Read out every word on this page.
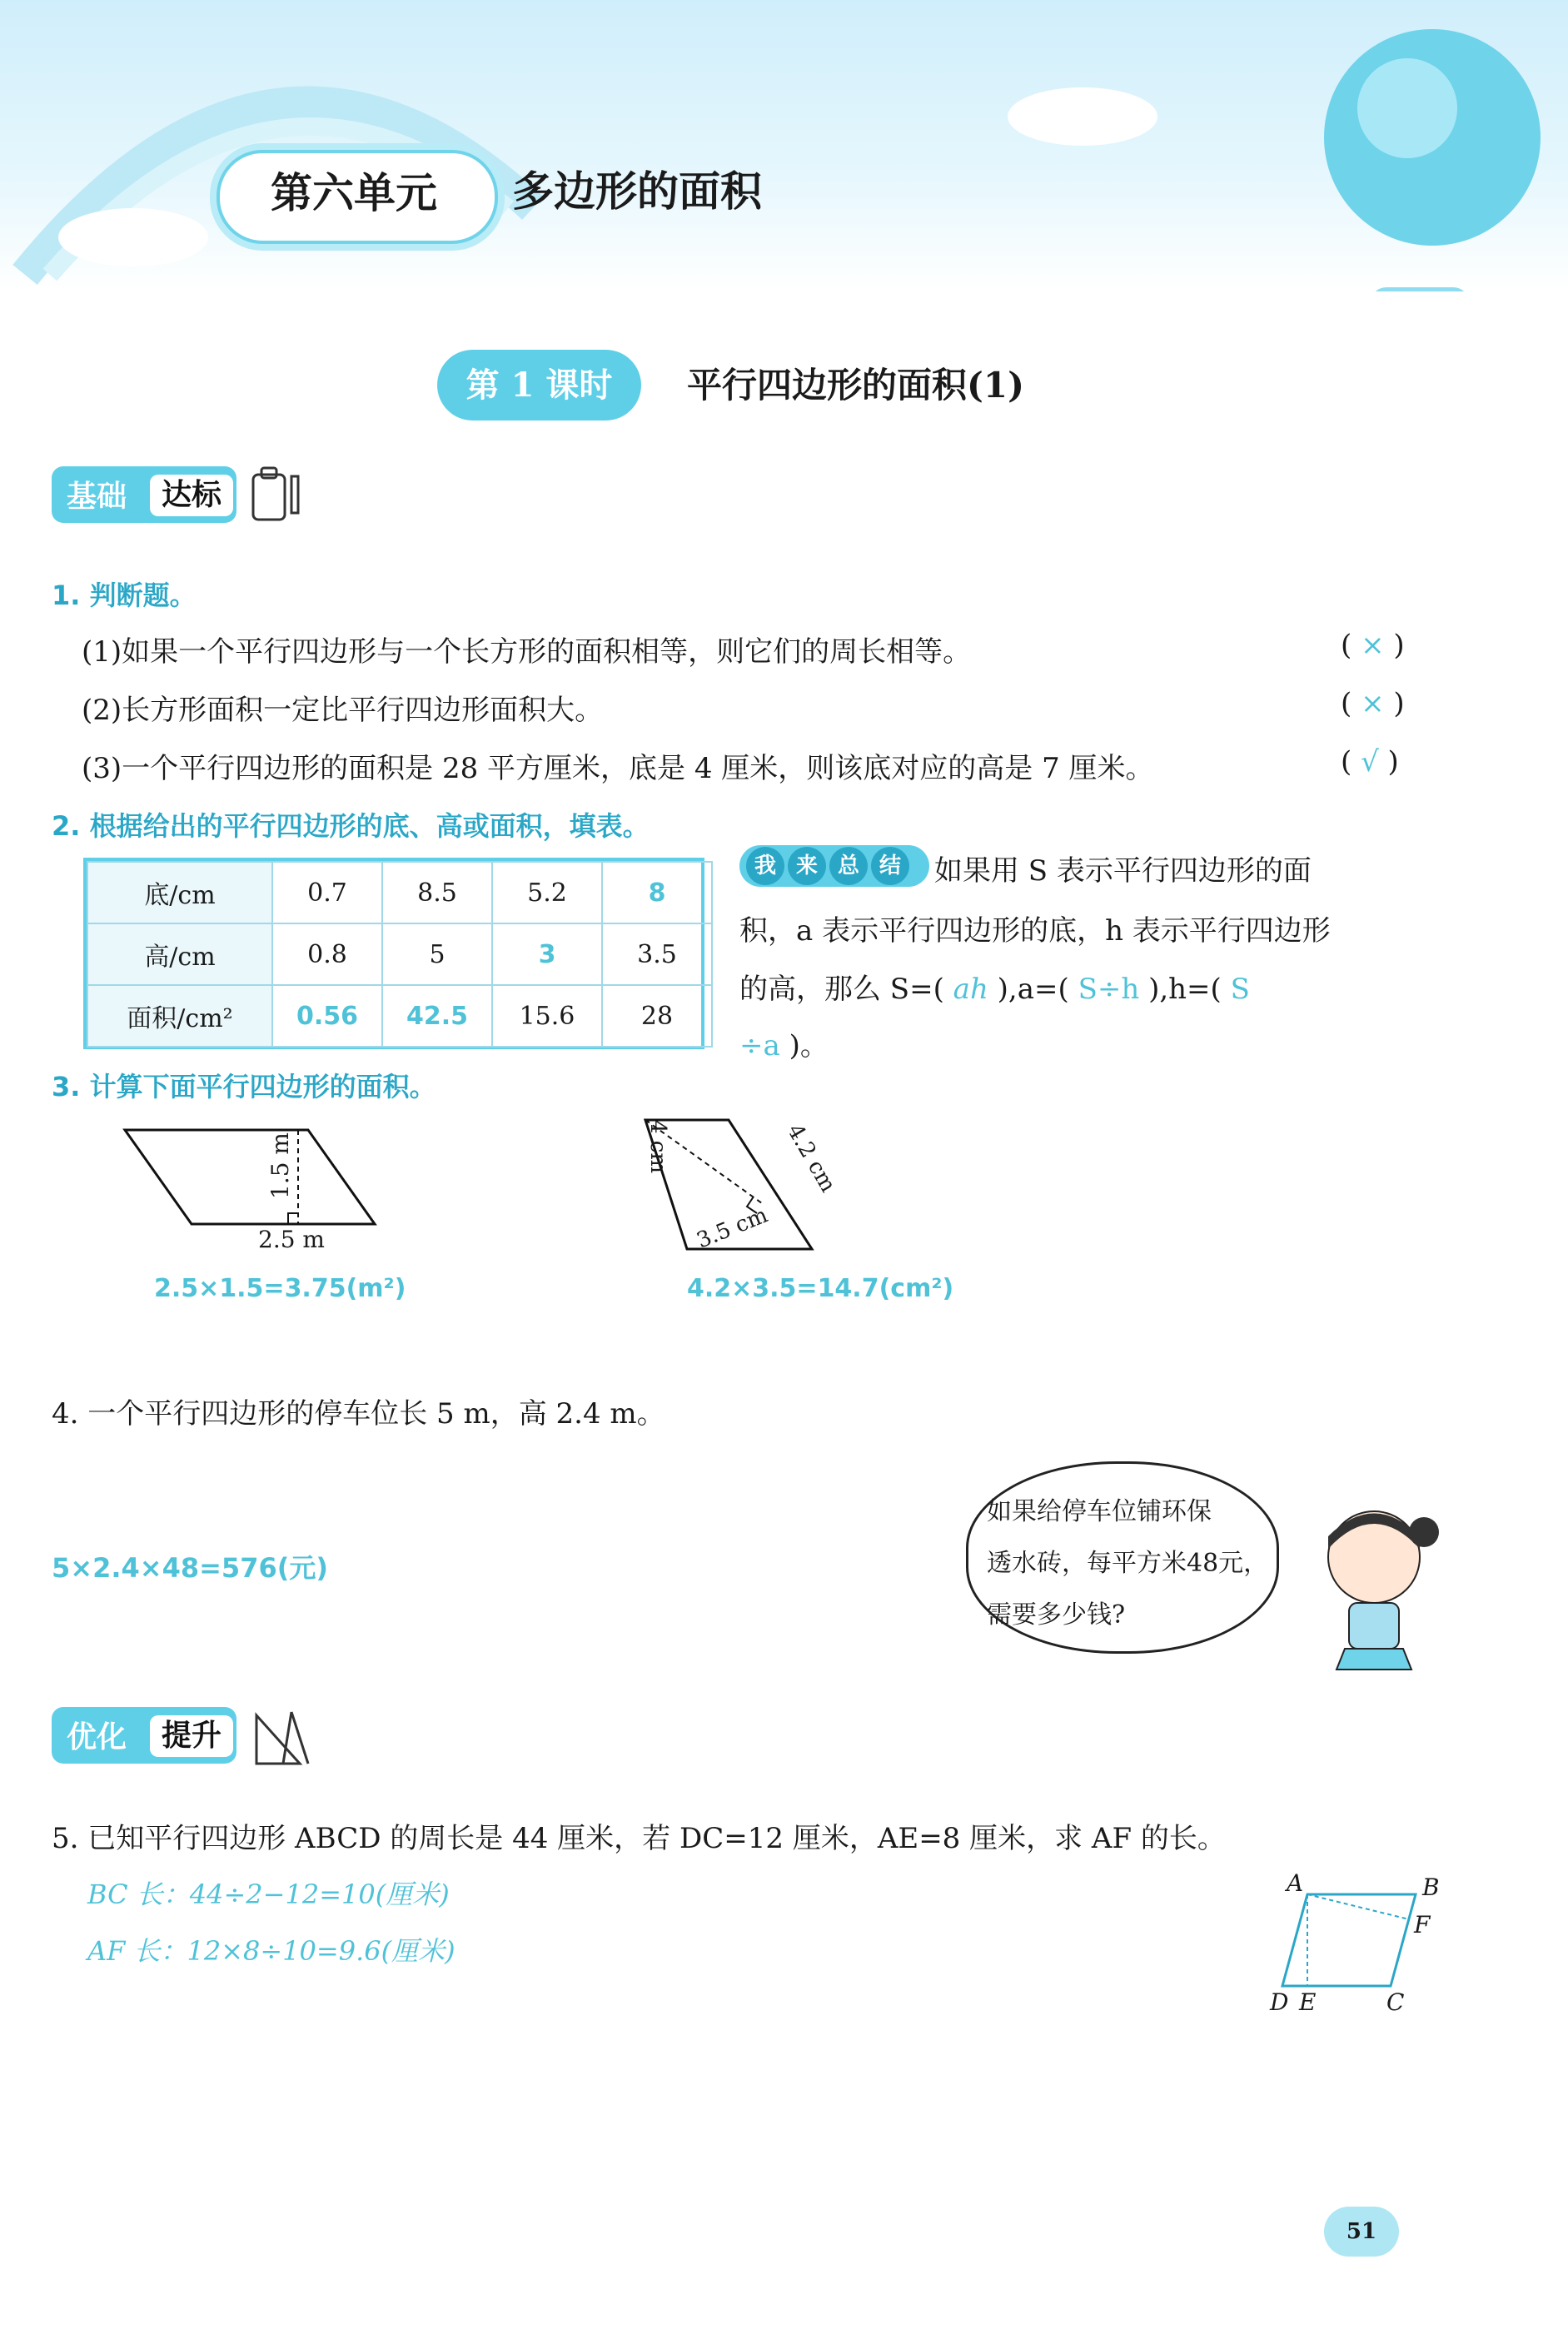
第六单元	多边形的面积
第 1 课时	平行四边形的面积(1)
基础	达标
1. 判断题。
(1)如果一个平行四边形与一个长方形的面积相等，则它们的周长相等。	( × )
(2)长方形面积一定比平行四边形面积大。	( × )
(3)一个平行四边形的面积是 28 平方厘米，底是 4 厘米，则该底对应的高是 7 厘米。	( √ )
2. 根据给出的平行四边形的底、高或面积，填表。
底/cm	0.7	8.5	5.2	8
高/cm	0.8	5	3	3.5
面积/cm²	0.56	42.5	15.6	28
我 来 总 结	如果用 S 表示平行四边形的面
积，a 表示平行四边形的底，h 表示平行四边形
的高，那么 S=( ah ),a=( S÷h ),h=( S
÷a )。
3. 计算下面平行四边形的面积。
1.5 m
2.5 m
4 cm	4.2 cm
3.5 cm
2.5×1.5=3.75(m²)	4.2×3.5=14.7(cm²)
4. 一个平行四边形的停车位长 5 m，高 2.4 m。
5×2.4×48=576(元)
如果给停车位铺环保
透水砖，每平方米48元，
需要多少钱?
优化	提升
5. 已知平行四边形 ABCD 的周长是 44 厘米，若 DC=12 厘米，AE=8 厘米，求 AF 的长。
BC 长：44÷2−12=10(厘米)
AF 长：12×8÷10=9.6(厘米)
A	B
F
D E	C
51
